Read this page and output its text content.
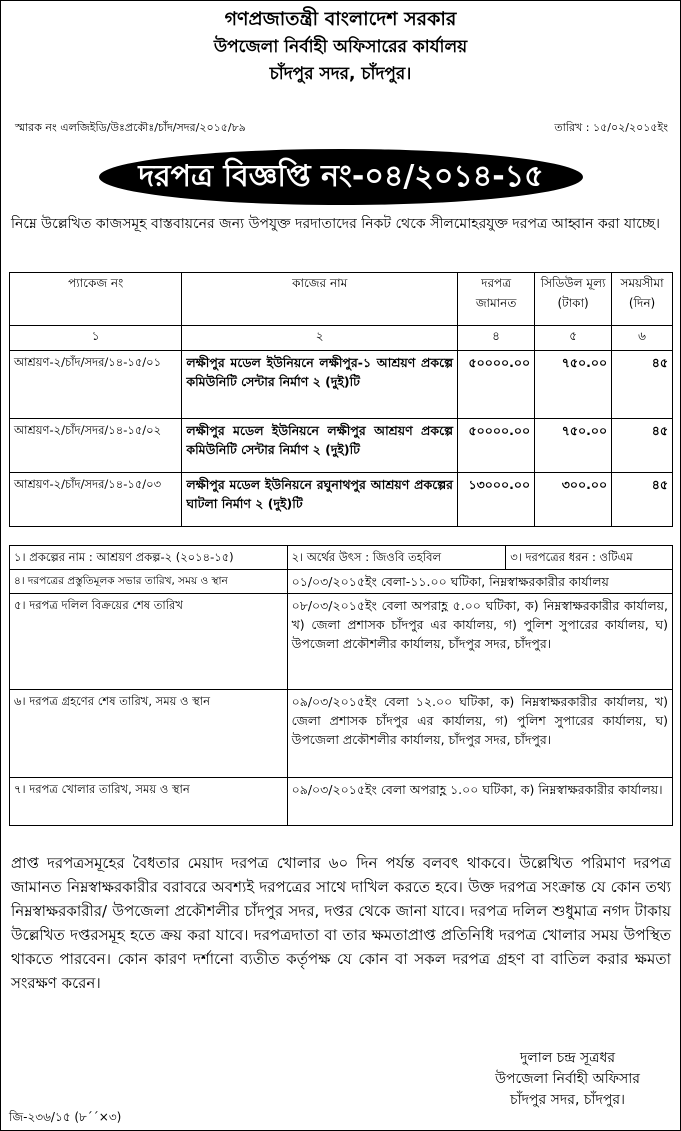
গণপ্রজাতন্ত্রী বাংলাদেশ সরকার
উপজেলা নির্বাহী অফিসারের কার্যালয়
চাঁদপুর সদর, চাঁদপুর।
স্মারক নং এলজিইডি/উঃপ্রকৌঃ/চাঁদ/সদর/২০১৫/৮৯	তারিখ : ১৫/০২/২০১৫ইং
দরপত্র বিজ্ঞপ্তি নং-০৪/২০১৪-১৫
নিম্নে উল্লেখিত কাজসমূহ বাস্তবায়নের জন্য উপযুক্ত দরদাতাদের নিকট থেকে সীলমোহরযুক্ত দরপত্র আহ্বান করা যাচ্ছে।
প্যাকেজ নং	কাজের নাম	দরপত্র জামানত	সিডিউল মূল্য (টাকা)	সময়সীমা (দিন)
১	২	৪	৫	৬
আশ্রয়ণ-২/চাঁদ/সদর/১৪-১৫/০১	লক্ষীপুর মডেল ইউনিয়নে লক্ষীপুর-১ আশ্রয়ণ প্রকল্পে কমিউনিটি সেন্টার নির্মাণ ২ (দুই)টি	৫০০০০.০০	৭৫০.০০	৪৫
আশ্রয়ণ-২/চাঁদ/সদর/১৪-১৫/০২	লক্ষীপুর মডেল ইউনিয়নে লক্ষীপুর আশ্রয়ণ প্রকল্পে কমিউনিটি সেন্টার নির্মাণ ২ (দুই)টি	৫০০০০.০০	৭৫০.০০	৪৫
আশ্রয়ণ-২/চাঁদ/সদর/১৪-১৫/০৩	লক্ষীপুর মডেল ইউনিয়নে রঘুনাথপুর আশ্রয়ণ প্রকল্পের ঘাটলা নির্মাণ ২ (দুই)টি	১৩০০০.০০	৩০০.০০	৪৫
১। প্রকল্পের নাম : আশ্রয়ণ প্রকল্প-২ (২০১৪-১৫)	২। অর্থের উৎস : জিওবি তহবিল	৩। দরপত্রের ধরন : ওটিএম
৪। দরপত্রের প্রস্তুতিমূলক সভার তারিখ, সময় ও স্থান	০১/০৩/২০১৫ইং বেলা-১১.০০ ঘটিকা, নিম্নস্বাক্ষরকারীর কার্যালয়	
৫। দরপত্র দলিল বিক্রয়ের শেষ তারিখ	০৮/০৩/২০১৫ইং বেলা অপরাহ্ণ ৫.০০ ঘটিকা, ক) নিম্নস্বাক্ষরকারীর কার্যালয়, খ) জেলা প্রশাসক চাঁদপুর এর কার্যালয়, গ) পুলিশ সুপারের কার্যালয়, ঘ) উপজেলা প্রকৌশলীর কার্যালয়, চাঁদপুর সদর, চাঁদপুর।	
৬। দরপত্র গ্রহণের শেষ তারিখ, সময় ও স্থান	০৯/০৩/২০১৫ইং বেলা ১২.০০ ঘটিকা, ক) নিম্নস্বাক্ষরকারীর কার্যালয়, খ) জেলা প্রশাসক চাঁদপুর এর কার্যালয়, গ) পুলিশ সুপারের কার্যালয়, ঘ) উপজেলা প্রকৌশলীর কার্যালয়, চাঁদপুর সদর, চাঁদপুর।	
৭। দরপত্র খোলার তারিখ, সময় ও স্থান	০৯/০৩/২০১৫ইং বেলা অপরাহ্ণ ১.০০ ঘটিকা, ক) নিম্নস্বাক্ষরকারীর কার্যালয়।	
প্রাপ্ত দরপত্রসমূহের বৈধতার মেয়াদ দরপত্র খোলার ৬০ দিন পর্যন্ত বলবৎ থাকবে। উল্লেখিত পরিমাণ দরপত্র জামানত নিম্নস্বাক্ষরকারীর বরাবরে অবশ্যই দরপত্রের সাথে দাখিল করতে হবে। উক্ত দরপত্র সংক্রান্ত যে কোন তথ্য নিম্নস্বাক্ষরকারীর/ উপজেলা প্রকৌশলীর চাঁদপুর সদর, দপ্তর থেকে জানা যাবে। দরপত্র দলিল শুধুমাত্র নগদ টাকায় উল্লেখিত দপ্তরসমূহ হতে ক্রয় করা যাবে। দরপত্রদাতা বা তার ক্ষমতাপ্রাপ্ত প্রতিনিধি দরপত্র খোলার সময় উপস্থিত থাকতে পারবেন। কোন কারণ দর্শানো ব্যতীত কর্তৃপক্ষ যে কোন বা সকল দরপত্র গ্রহণ বা বাতিল করার ক্ষমতা সংরক্ষণ করেন।
দুলাল চন্দ্র সূত্রধর
উপজেলা নির্বাহী অফিসার
চাঁদপুর সদর, চাঁদপুর।
জি-২৩৬/১৫ (৮´´×৩)
